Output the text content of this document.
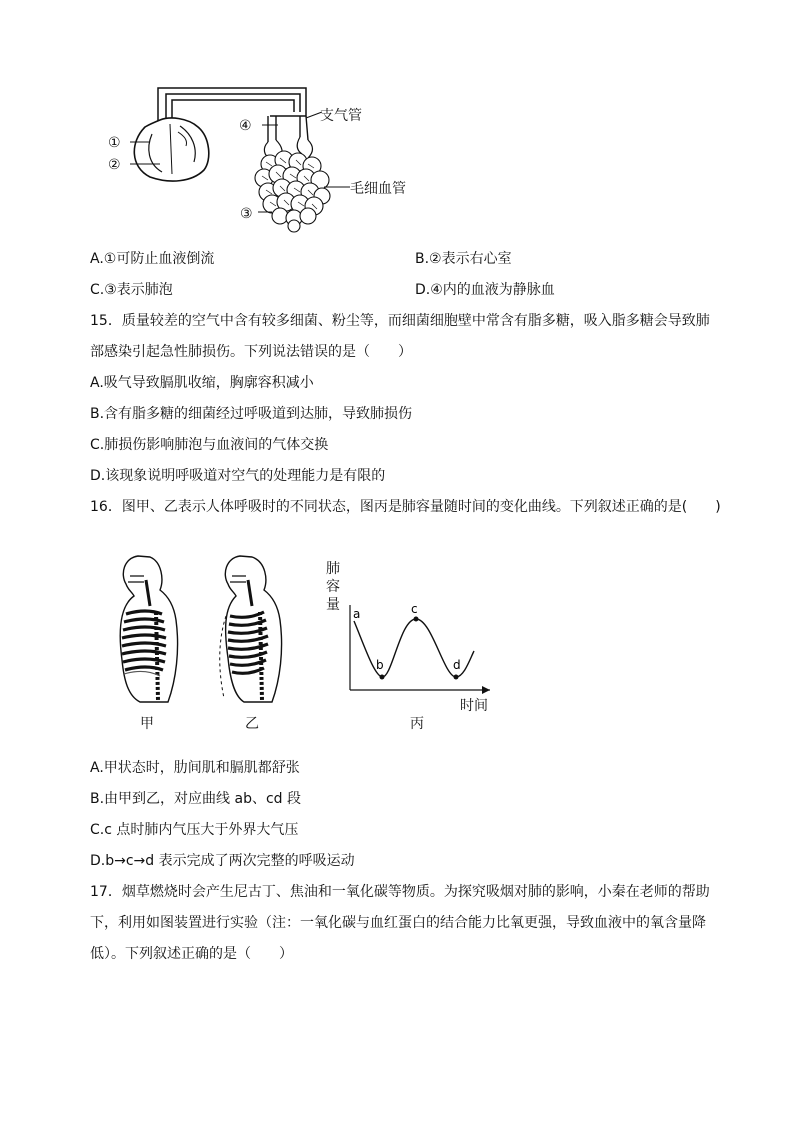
①
②
④
支气管
毛细血管
③
A.①可防止血液倒流	B.②表示右心室
C.③表示肺泡	D.④内的血液为静脉血
15．质量较差的空气中含有较多细菌、粉尘等，而细菌细胞壁中常含有脂多糖，吸入脂多糖会导致肺
部感染引起急性肺损伤。下列说法错误的是（　　）
A.吸气导致膈肌收缩，胸廓容积减小
B.含有脂多糖的细菌经过呼吸道到达肺，导致肺损伤
C.肺损伤影响肺泡与血液间的气体交换
D.该现象说明呼吸道对空气的处理能力是有限的
16．图甲、乙表示人体呼吸时的不同状态，图丙是肺容量随时间的变化曲线。下列叙述正确的是(　　)
甲	乙
a
b
c
d
肺
容
量
时间
丙
A.甲状态时，肋间肌和膈肌都舒张
B.由甲到乙，对应曲线 ab、cd 段
C.c 点时肺内气压大于外界大气压
D.b→c→d 表示完成了两次完整的呼吸运动
17．烟草燃烧时会产生尼古丁、焦油和一氧化碳等物质。为探究吸烟对肺的影响，小秦在老师的帮助
下，利用如图装置进行实验（注：一氧化碳与血红蛋白的结合能力比氧更强，导致血液中的氧含量降
低）。下列叙述正确的是（　　）
